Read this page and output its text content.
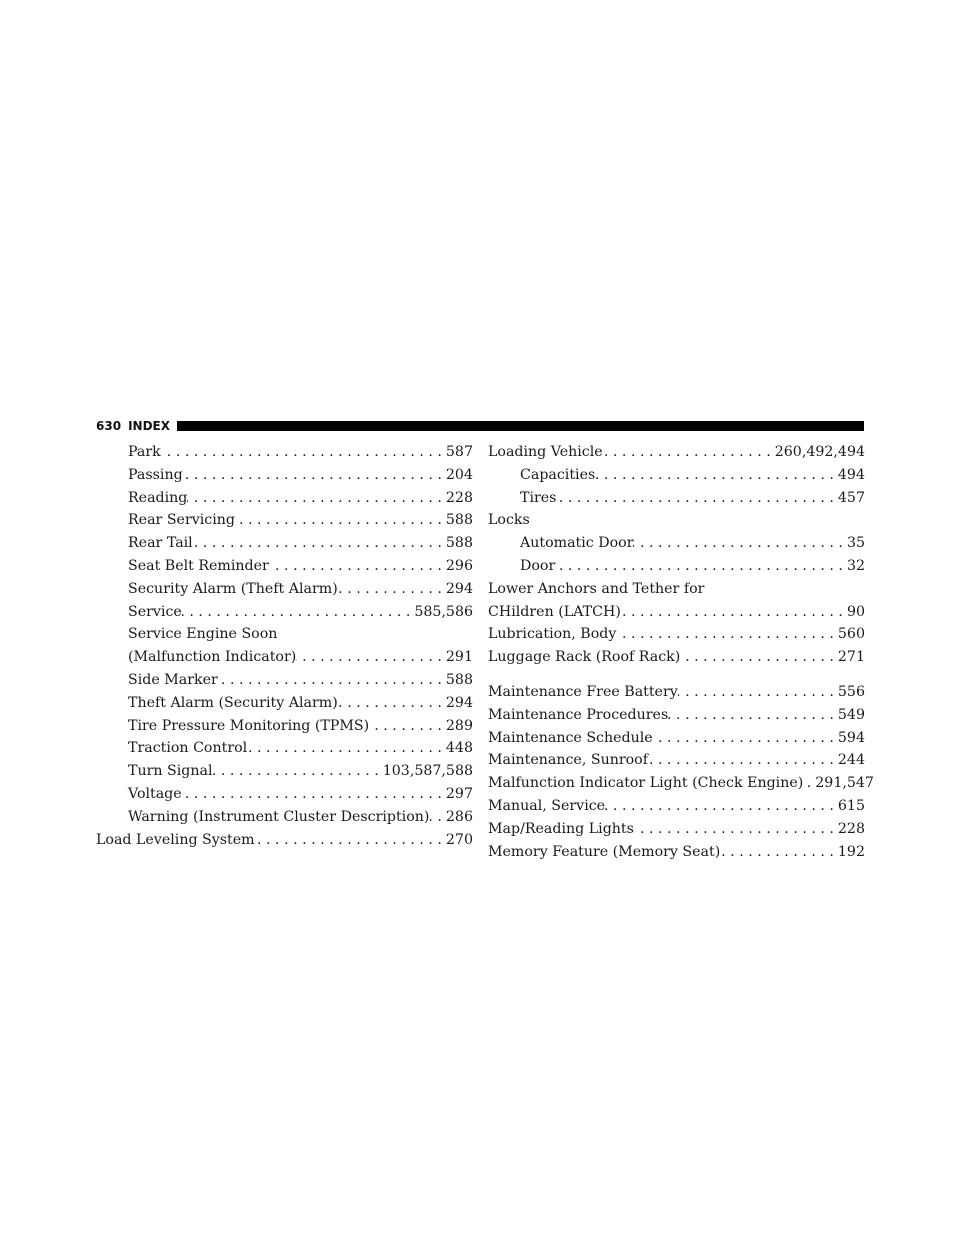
630 INDEX
Park . . .	587
Passing . . .	204
Reading . . .	228
Rear Servicing . . .	588
Rear Tail . . .	588
Seat Belt Reminder . . .	296
Security Alarm (Theft Alarm) . . .	294
Service . . .	585,586
Service Engine Soon
(Malfunction Indicator) . . .	291
Side Marker . . .	588
Theft Alarm (Security Alarm) . . .	294
Tire Pressure Monitoring (TPMS) . . .	289
Traction Control . . .	448
Turn Signal . . .	103,587,588
Voltage . . .	297
Warning (Instrument Cluster Description) . . . 286
Load Leveling System . . .	270
Loading Vehicle . . .	260,492,494
Capacities . . .	494
Tires . . .	457
Locks
Automatic Door . . .	35
Door . . .	32
Lower Anchors and Tether for
CHildren (LATCH) . . .	90
Lubrication, Body . . .	560
Luggage Rack (Roof Rack) . . .	271
Maintenance Free Battery . . .	556
Maintenance Procedures . . .	549
Maintenance Schedule . . .	594
Maintenance, Sunroof . . .	244
Malfunction Indicator Light (Check Engine) . . . 291,547
Manual, Service . . .	615
Map/Reading Lights . . .	228
Memory Feature (Memory Seat) . . .	192
